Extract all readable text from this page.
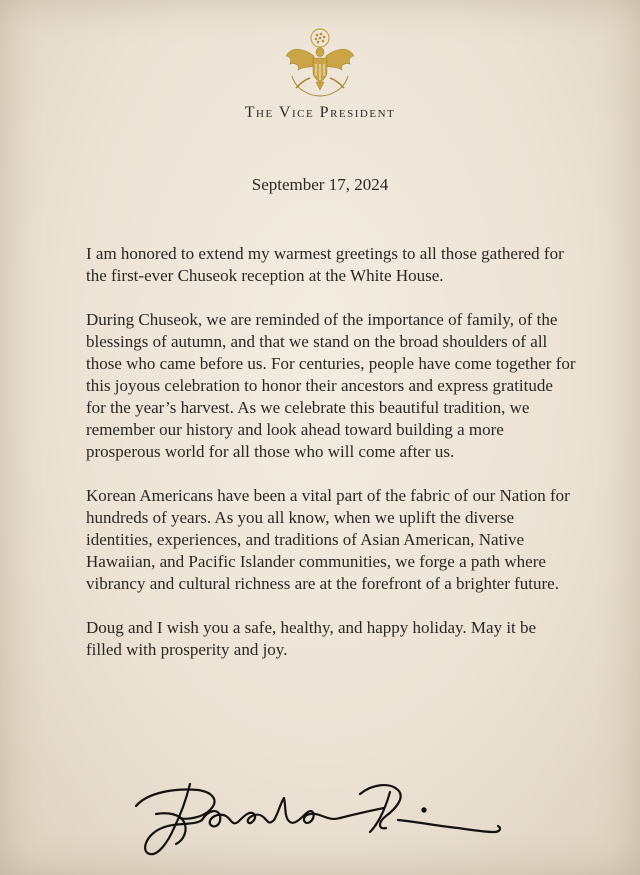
The Vice President
September 17, 2024

I am honored to extend my warmest greetings to all those gathered for the first-ever Chuseok reception at the White House.

During Chuseok, we are reminded of the importance of family, of the blessings of autumn, and that we stand on the broad shoulders of all those who came before us. For centuries, people have come together for this joyous celebration to honor their ancestors and express gratitude for the year’s harvest. As we celebrate this beautiful tradition, we remember our history and look ahead toward building a more prosperous world for all those who will come after us.

Korean Americans have been a vital part of the fabric of our Nation for hundreds of years. As you all know, when we uplift the diverse identities, experiences, and traditions of Asian American, Native Hawaiian, and Pacific Islander communities, we forge a path where vibrancy and cultural richness are at the forefront of a brighter future.

Doug and I wish you a safe, healthy, and happy holiday. May it be filled with prosperity and joy.
